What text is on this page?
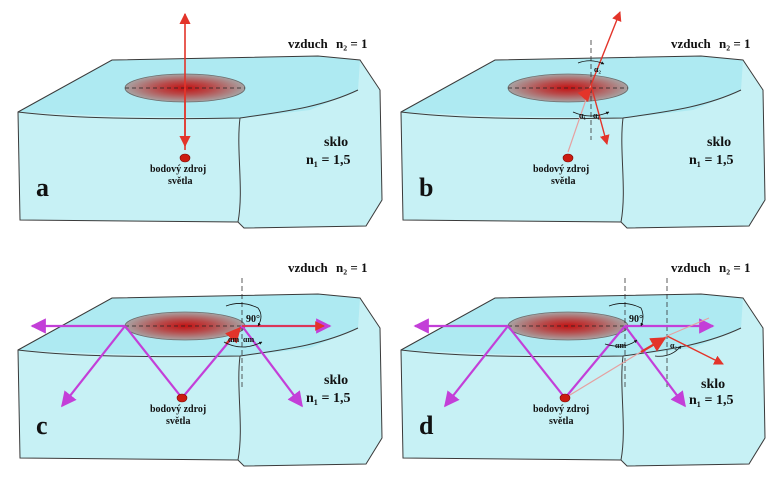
vzduch n₂ = 1
sklo
n₁ = 1,5
bodový zdroj
světla
a
α₂
α₁ α₁
vzduch n₂ = 1
sklo
n₁ = 1,5
bodový zdroj
světla
b
90°
αm αm
vzduch n₂ = 1
sklo
n₁ = 1,5
bodový zdroj
světla
c
90°
αm	α₂
vzduch n₂ = 1
sklo
n₁ = 1,5
bodový zdroj
světla
d
